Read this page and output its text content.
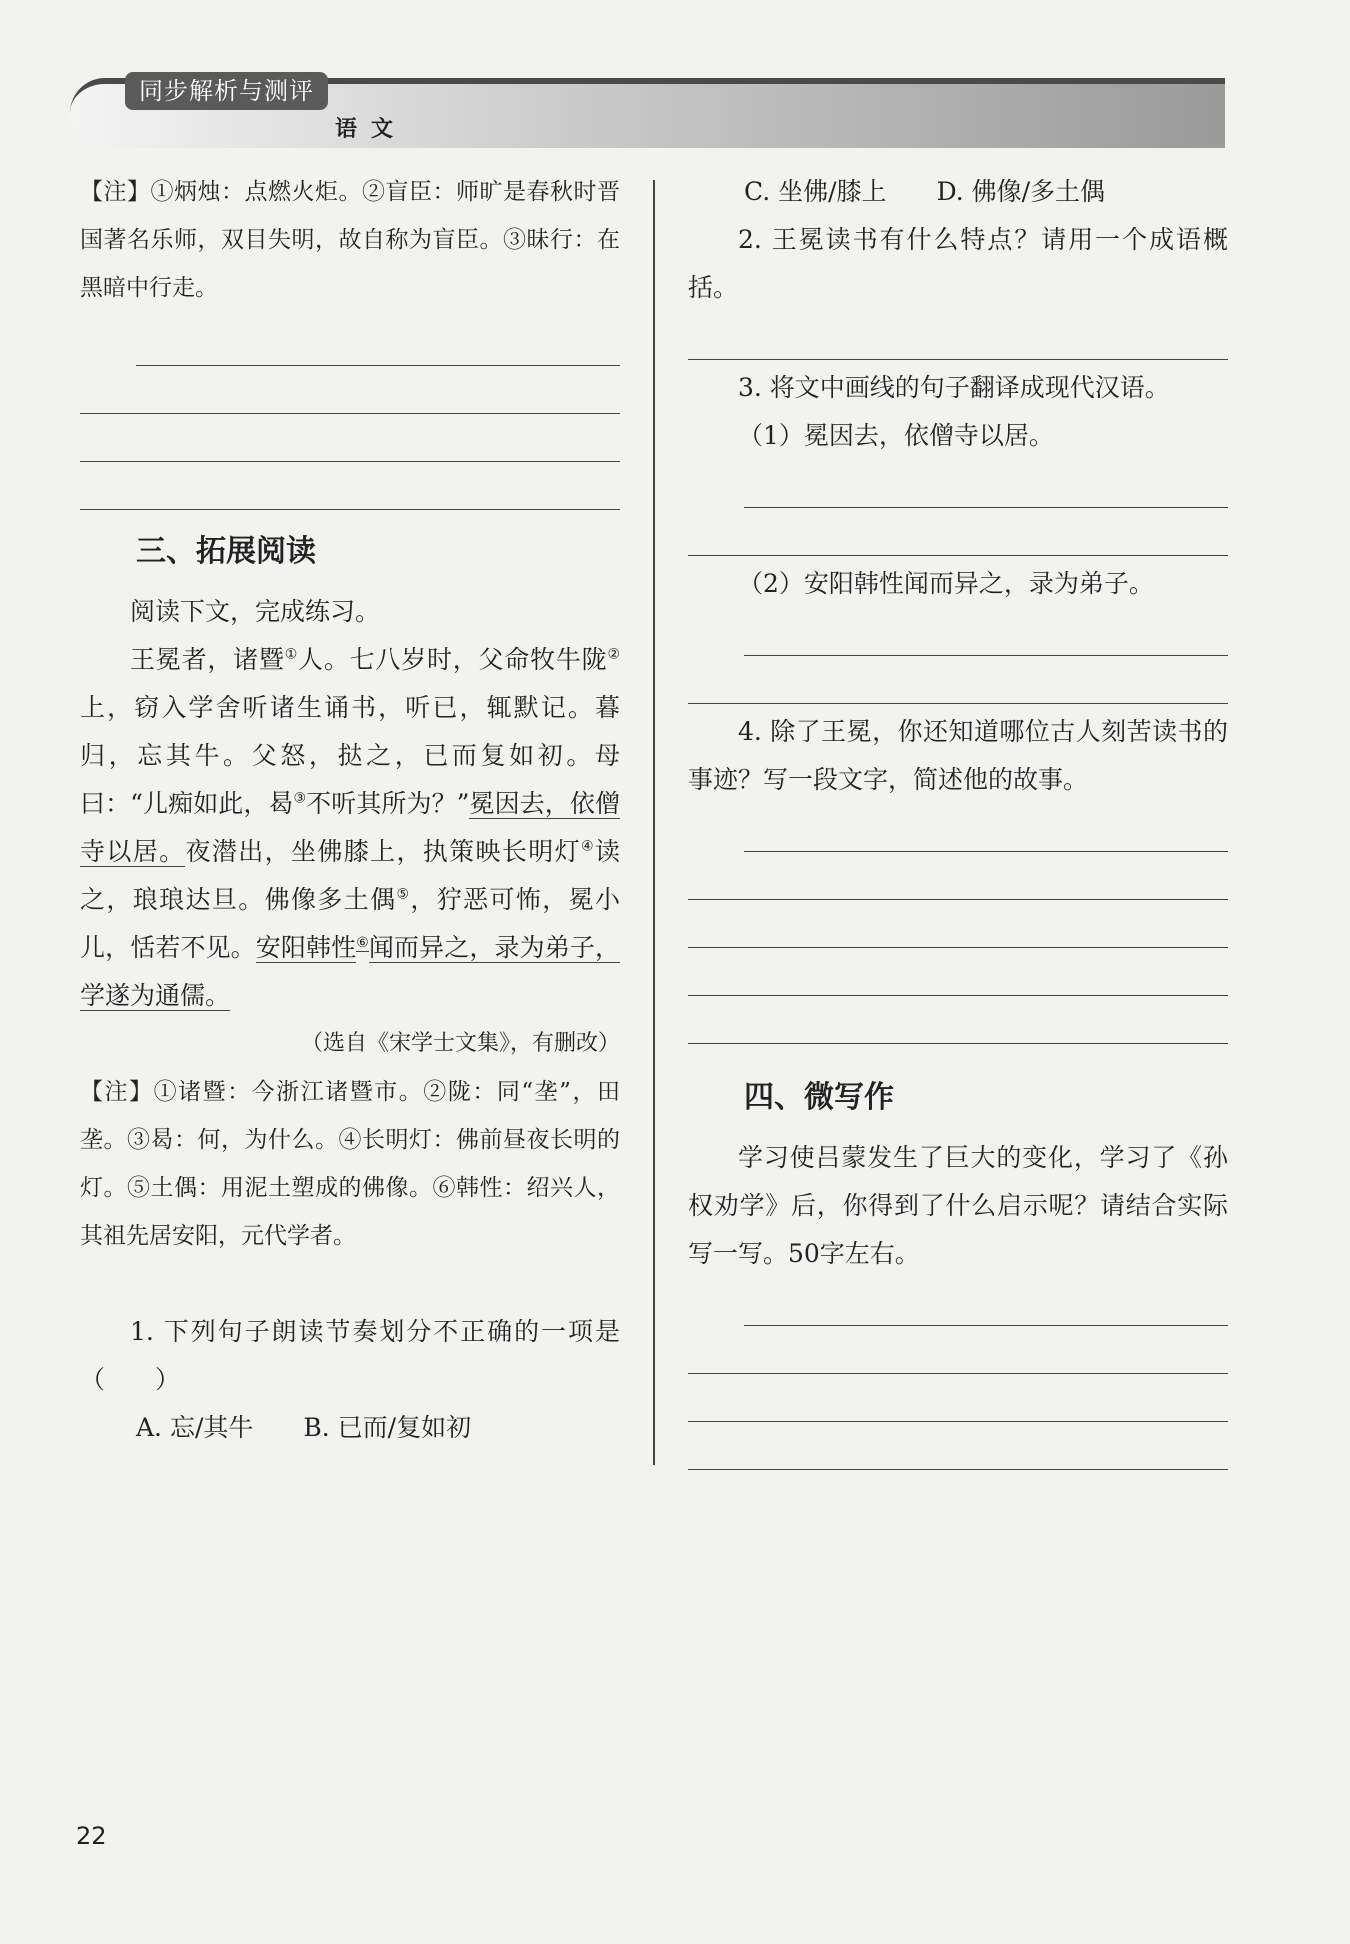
同步解析与测评
语文

【注】①炳烛：点燃火炬。②盲臣：师旷是春秋时晋国著名乐师，双目失明，故自称为盲臣。③昧行：在黑暗中行走。

三、拓展阅读

阅读下文，完成练习。

王冕者，诸暨①人。七八岁时，父命牧牛陇②上，窃入学舍听诸生诵书，听已，辄默记。暮归，忘其牛。父怒，挞之，已而复如初。母曰：“儿痴如此，曷③不听其所为？”冕因去，依僧寺以居。夜潜出，坐佛膝上，执策映长明灯④读之，琅琅达旦。佛像多土偶⑤，狞恶可怖，冕小儿，恬若不见。安阳韩性⑥闻而异之，录为弟子，学遂为通儒。

（选自《宋学士文集》，有删改）

【注】①诸暨：今浙江诸暨市。②陇：同“垄”，田垄。③曷：何，为什么。④长明灯：佛前昼夜长明的灯。⑤土偶：用泥土塑成的佛像。⑥韩性：绍兴人，其祖先居安阳，元代学者。

1. 下列句子朗读节奏划分不正确的一项是（　　）

A. 忘/其牛 B. 已而/复如初

C. 坐佛/膝上 D. 佛像/多土偶

2. 王冕读书有什么特点？请用一个成语概括。

3. 将文中画线的句子翻译成现代汉语。

（1）冕因去，依僧寺以居。

（2）安阳韩性闻而异之，录为弟子。

4. 除了王冕，你还知道哪位古人刻苦读书的事迹？写一段文字，简述他的故事。

四、微写作

学习使吕蒙发生了巨大的变化，学习了《孙权劝学》后，你得到了什么启示呢？请结合实际写一写。50字左右。

22
